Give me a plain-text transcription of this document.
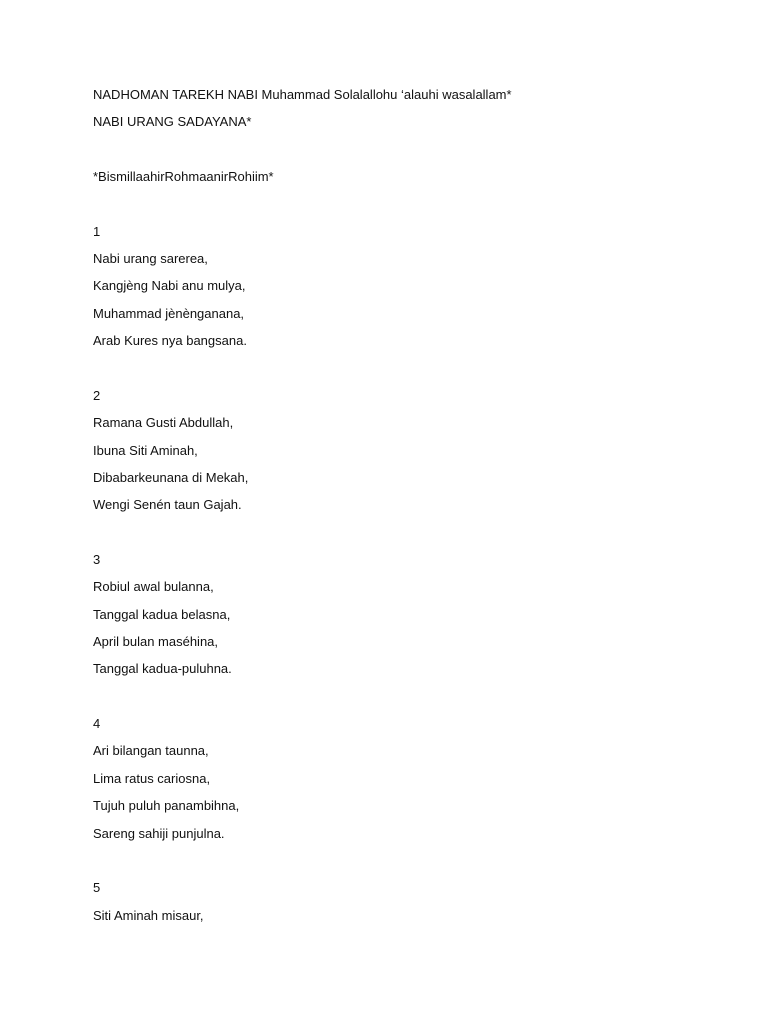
NADHOMAN TAREKH NABI Muhammad Solalallohu ‘alauhi wasalallam*

NABI URANG SADAYANA*

*BismillaahirRohmaanirRohiim*

1

Nabi urang sarerea,

Kangjèng Nabi anu mulya,

Muhammad jènènganana,

Arab Kures nya bangsana.

2

Ramana Gusti Abdullah,

Ibuna Siti Aminah,

Dibabarkeunana di Mekah,

Wengi Senén taun Gajah.

3

Robiul awal bulanna,

Tanggal kadua belasna,

April bulan maséhina,

Tanggal kadua-puluhna.

4

Ari bilangan taunna,

Lima ratus cariosna,

Tujuh puluh panambihna,

Sareng sahiji punjulna.

5

Siti Aminah misaur,
